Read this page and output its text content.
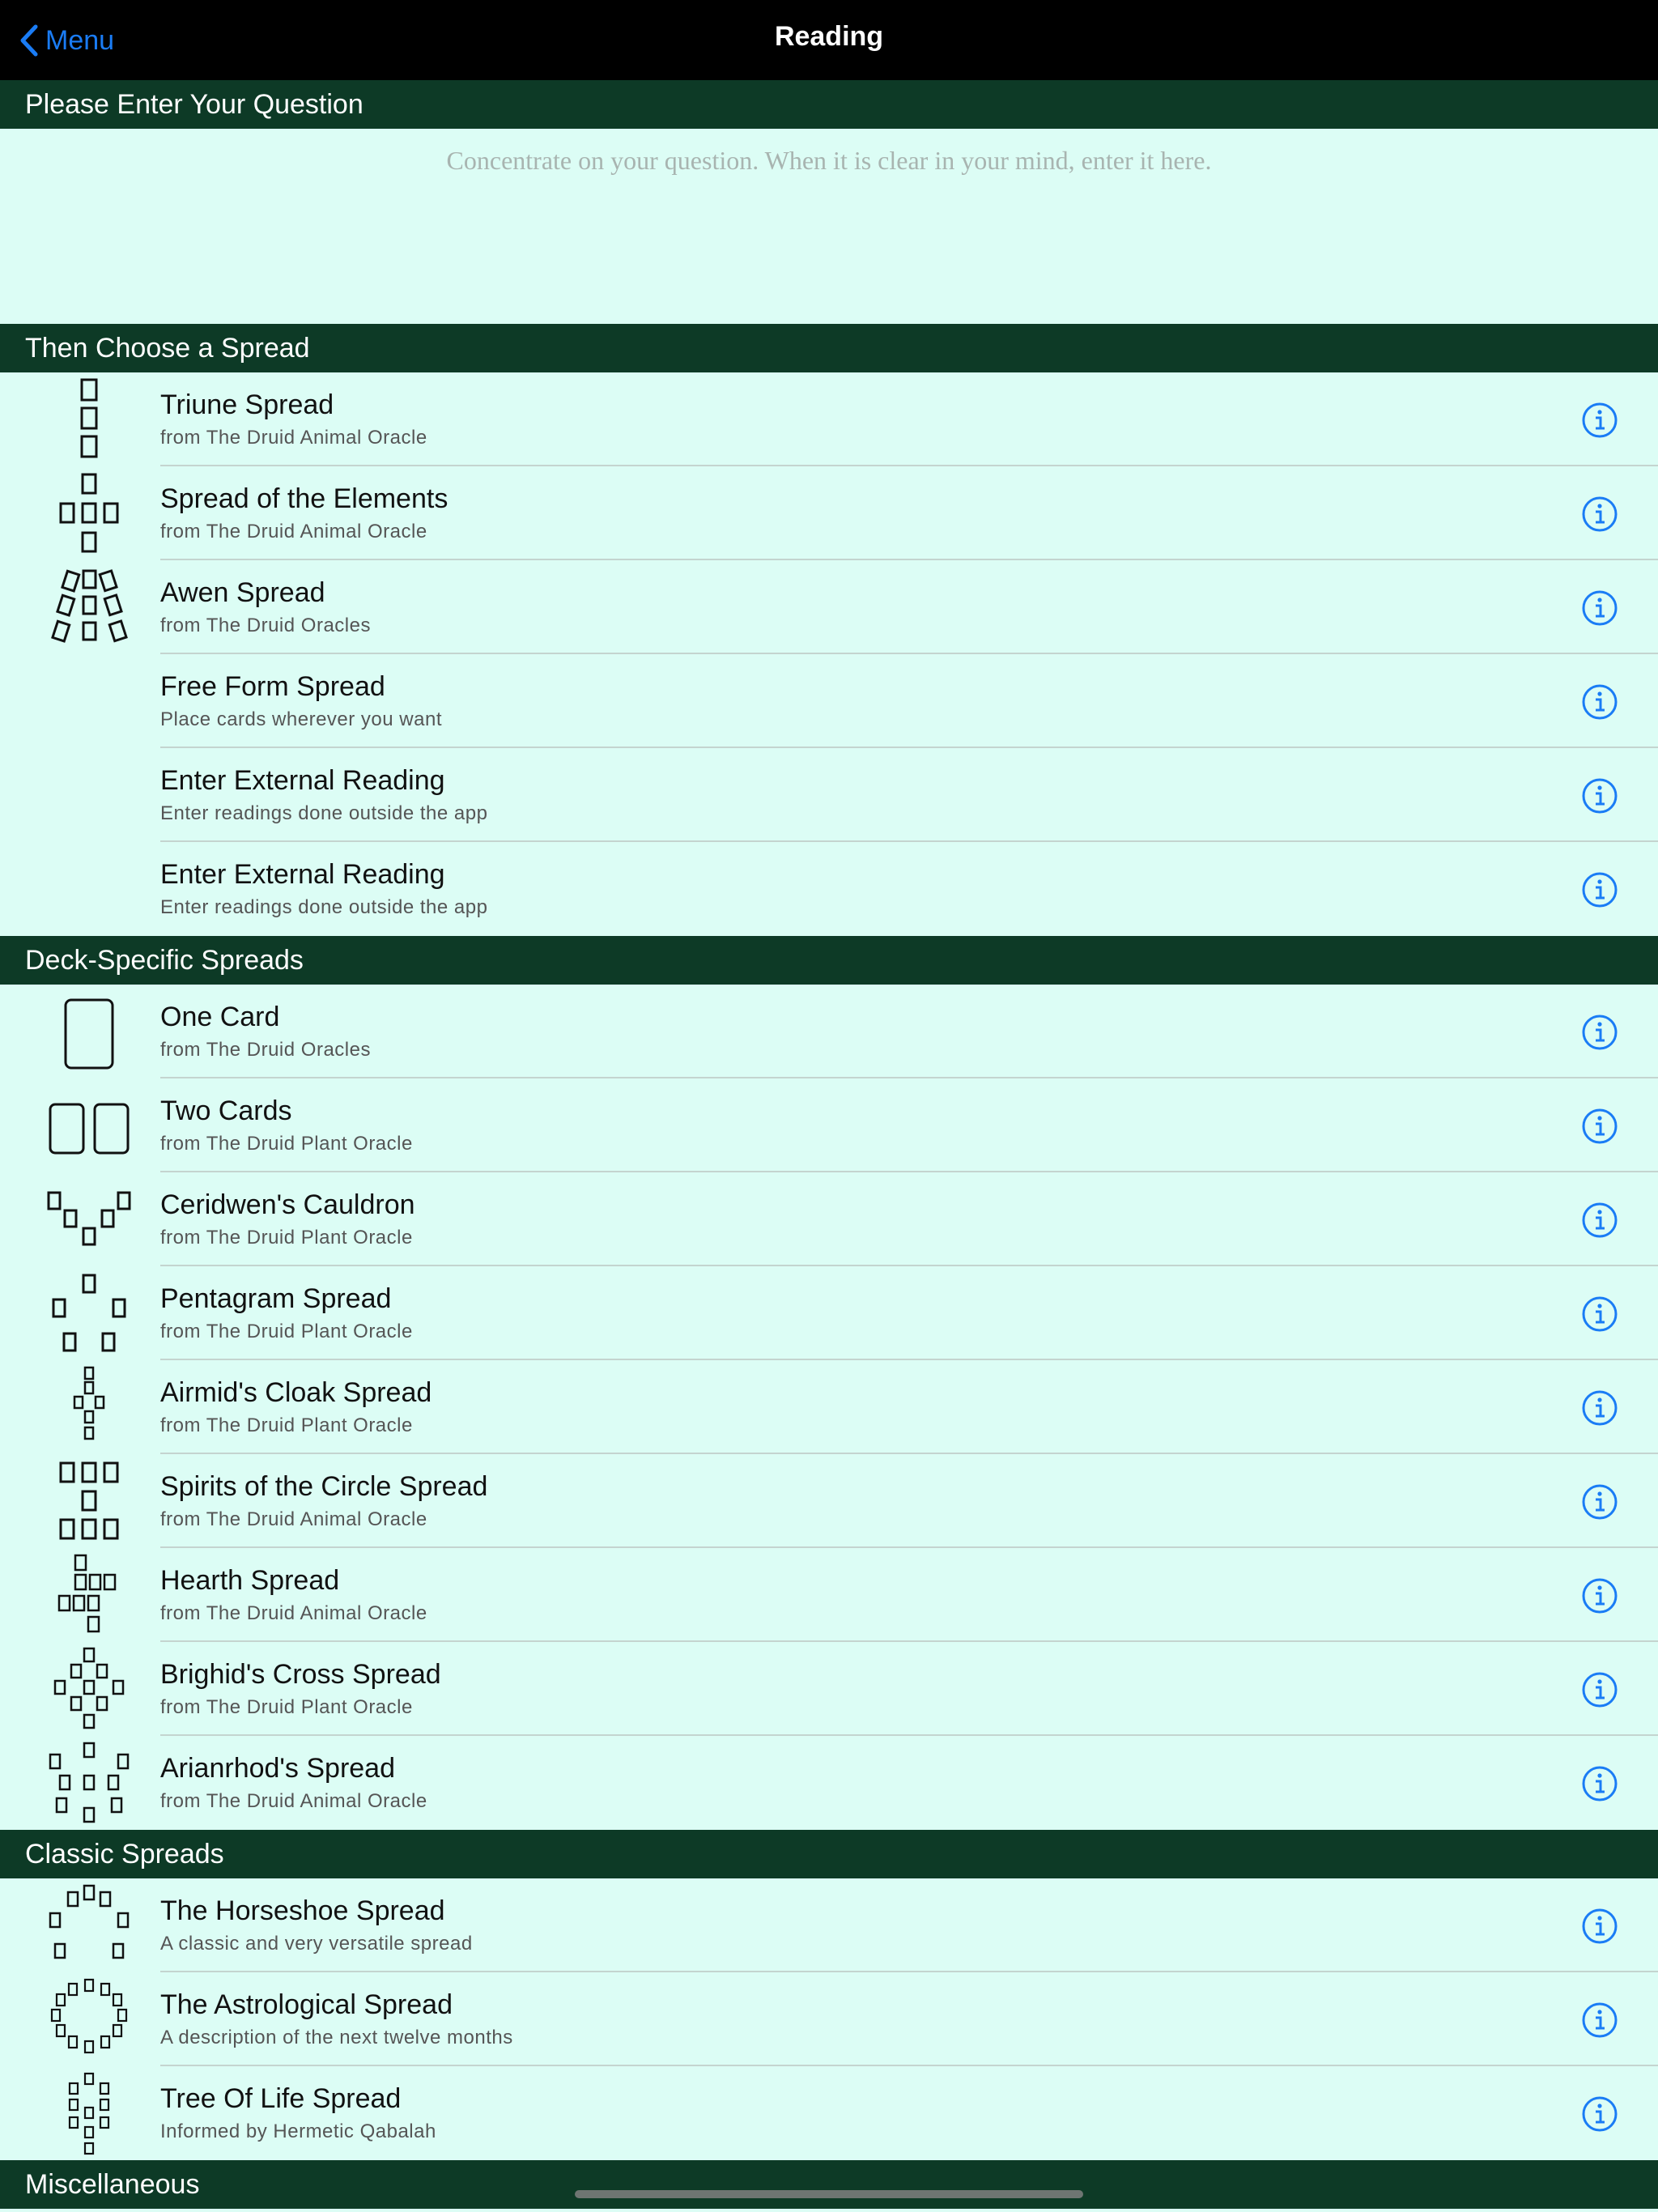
Menu	Reading
Please Enter Your Question
Concentrate on your question. When it is clear in your mind, enter it here.
Then Choose a Spread
Triune Spread
from The Druid Animal Oracle
Spread of the Elements
from The Druid Animal Oracle
Awen Spread
from The Druid Oracles
Free Form Spread
Place cards wherever you want
Enter External Reading
Enter readings done outside the app
Enter External Reading
Enter readings done outside the app
Deck-Specific Spreads
One Card
from The Druid Oracles
Two Cards
from The Druid Plant Oracle
Ceridwen's Cauldron
from The Druid Plant Oracle
Pentagram Spread
from The Druid Plant Oracle
Airmid's Cloak Spread
from The Druid Plant Oracle
Spirits of the Circle Spread
from The Druid Animal Oracle
Hearth Spread
from The Druid Animal Oracle
Brighid's Cross Spread
from The Druid Plant Oracle
Arianrhod's Spread
from The Druid Animal Oracle
Classic Spreads
The Horseshoe Spread
A classic and very versatile spread
The Astrological Spread
A description of the next twelve months
Tree Of Life Spread
Informed by Hermetic Qabalah
Miscellaneous
